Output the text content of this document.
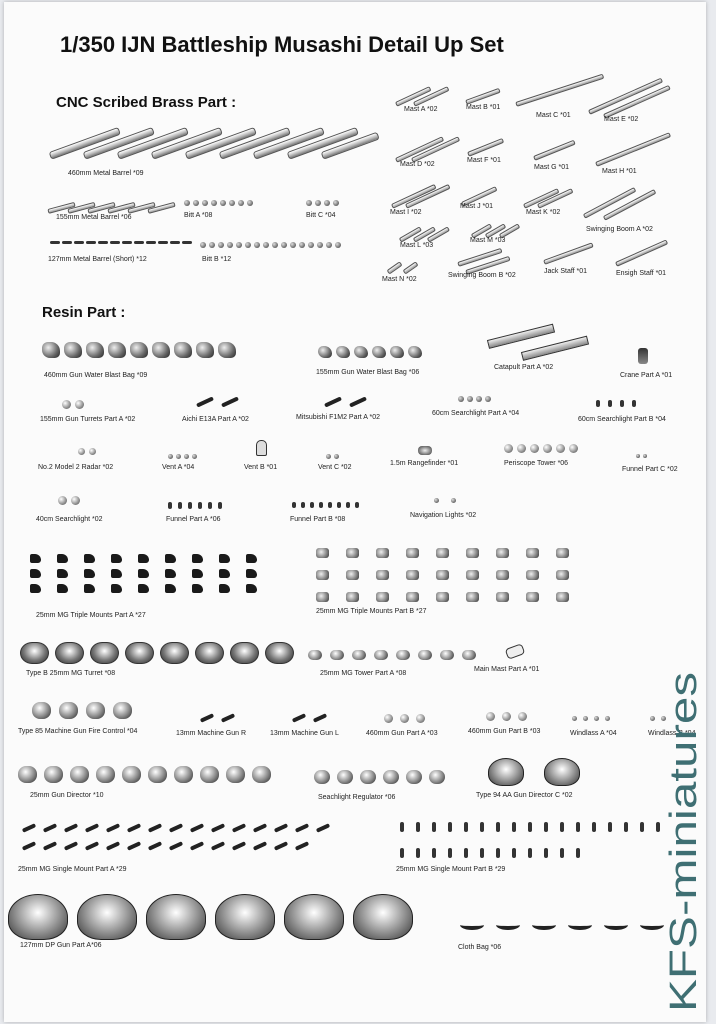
1/350 IJN Battleship Musashi Detail Up Set
CNC Scribed Brass Part :
460mm Metal Barrel *09
155mm Metal Barrel *06	Bitt A *08	Bitt C *04
127mm Metal Barrel (Short) *12	Bitt B *12
Mast A *02	Mast B *01
Mast C *01
Mast E *02
Mast D *02
Mast F *01
Mast G *01
Mast H *01
Mast I *02
Mast J *01
Mast K *02
Swinging Boom A *02
Mast L *03
Mast M *03
Mast N *02
Swinging Boom B *02
Jack Staff *01	Ensigh Staff *01
Resin Part :
460mm Gun Water Blast Bag *09	155mm Gun Water Blast Bag *06
Catapult Part A *02
Crane Part A *01
155mm Gun Turrets Part A *02	Aichi E13A Part A *02	Mitsubishi F1M2 Part A *02
60cm Searchlight Part A *04
60cm Searchlight Part B *04
No.2 Model 2 Radar *02	Vent A *04	Vent B *01	Vent C *02
1.5m Rangefinder *01	Periscope Tower *06
Funnel Part C *02
40cm Searchlight *02	Funnel Part A *06	Funnel Part B *08
Navigation Lights *02
25mm MG Triple Mounts Part A *27
25mm MG Triple Mounts Part B *27
Type B 25mm MG Turret *08	25mm MG Tower Part A *08
Main Mast Part A *01
Type 85 Machine Gun Fire Control *04	13mm Machine Gun R	13mm Machine Gun L	460mm Gun Part A *03	460mm Gun Part B *03	Windlass A *04	Windlass B *04
25mm Gun Director *10	Seachlight Regulator *06	Type 94 AA Gun Director C *02
25mm MG Single Mount Part A *29	25mm MG Single Mount Part B *29
127mm DP Gun Part A*06	Cloth Bag *06	KFS-miniatures
